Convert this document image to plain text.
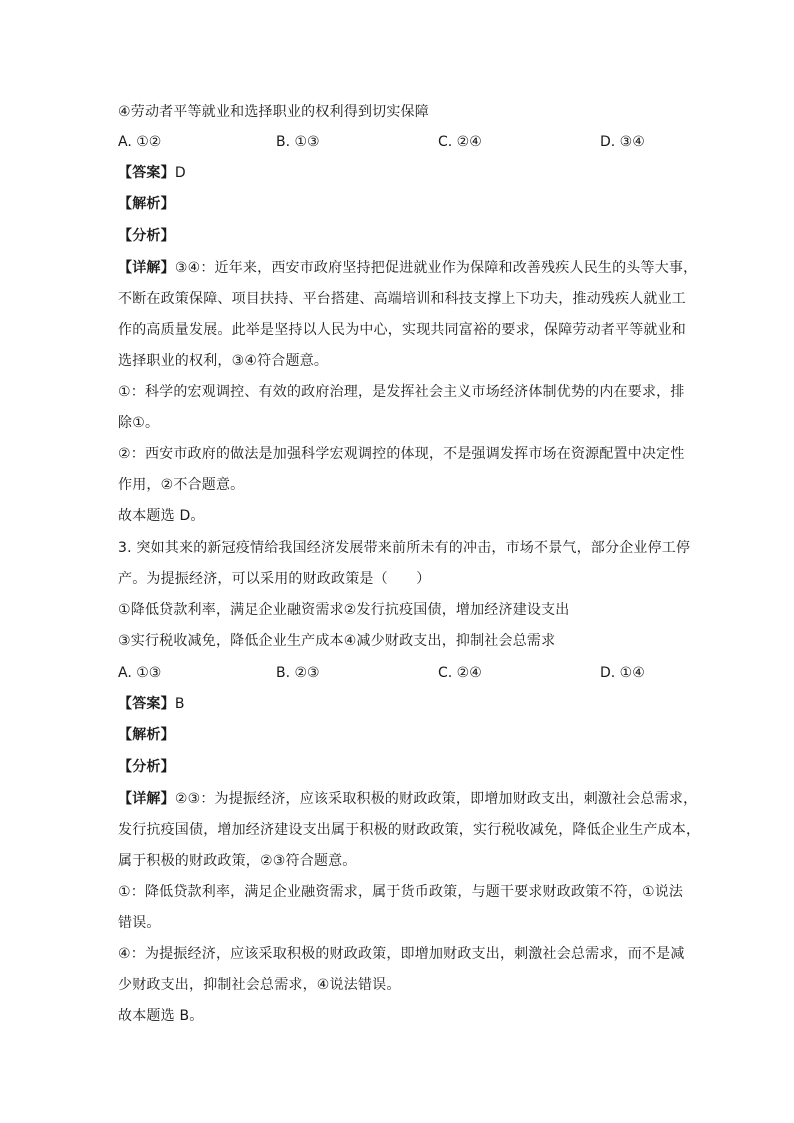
④劳动者平等就业和选择职业的权利得到切实保障
A. ①②	B. ①③	C. ②④	D. ③④
【答案】D
【解析】
【分析】
【详解】③④：近年来，西安市政府坚持把促进就业作为保障和改善残疾人民生的头等大事，
不断在政策保障、项目扶持、平台搭建、高端培训和科技支撑上下功夫，推动残疾人就业工
作的高质量发展。此举是坚持以人民为中心，实现共同富裕的要求，保障劳动者平等就业和
选择职业的权利，③④符合题意。
①：科学的宏观调控、有效的政府治理，是发挥社会主义市场经济体制优势的内在要求，排
除①。
②：西安市政府的做法是加强科学宏观调控的体现，不是强调发挥市场在资源配置中决定性
作用，②不合题意。
故本题选 D。
3. 突如其来的新冠疫情给我国经济发展带来前所未有的冲击，市场不景气，部分企业停工停
产。为提振经济，可以采用的财政政策是（　　）
①降低贷款利率，满足企业融资需求②发行抗疫国债，增加经济建设支出
③实行税收减免，降低企业生产成本④减少财政支出，抑制社会总需求
A. ①③	B. ②③	C. ②④	D. ①④
【答案】B
【解析】
【分析】
【详解】②③：为提振经济，应该采取积极的财政政策，即增加财政支出，刺激社会总需求，
发行抗疫国债，增加经济建设支出属于积极的财政政策，实行税收减免，降低企业生产成本，
属于积极的财政政策，②③符合题意。
①：降低贷款利率，满足企业融资需求，属于货币政策，与题干要求财政政策不符，①说法
错误。
④：为提振经济，应该采取积极的财政政策，即增加财政支出，刺激社会总需求，而不是减
少财政支出，抑制社会总需求，④说法错误。
故本题选 B。
